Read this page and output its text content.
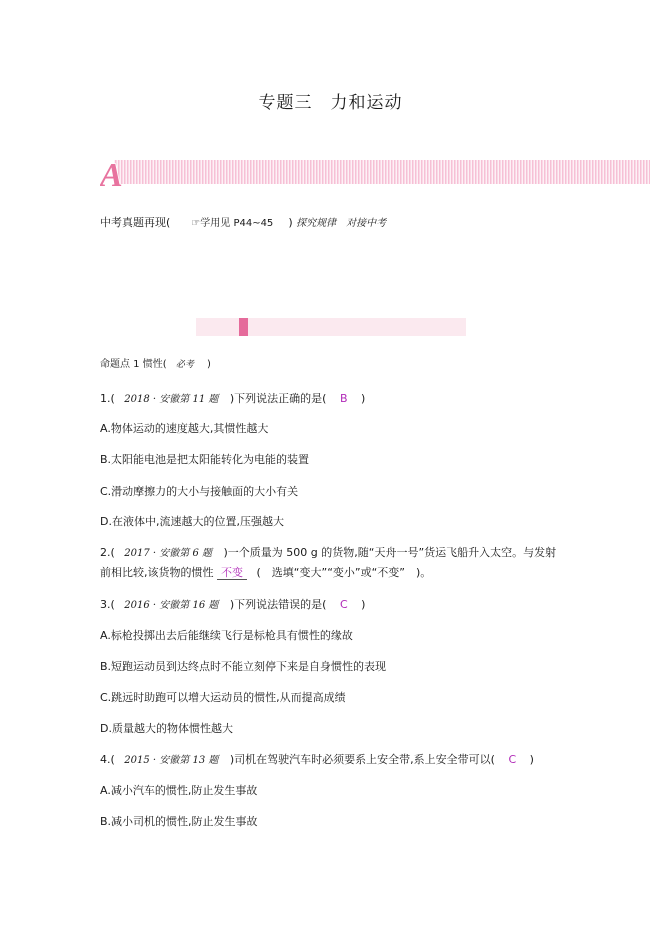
专题三　力和运动
A
中考真题再现( ☞学用见 P44~45 ) 探究规律　对接中考
命题点 1 惯性( 必考 )
1.( 2018 · 安徽第 11 题 )下列说法正确的是( B )
A.物体运动的速度越大,其惯性越大
B.太阳能电池是把太阳能转化为电能的装置
C.滑动摩擦力的大小与接触面的大小有关
D.在液体中,流速越大的位置,压强越大
2.( 2017 · 安徽第 6 题 )一个质量为 500 g 的货物,随“天舟一号”货运飞船升入太空。与发射
前相比较,该货物的惯性 不变 (　选填“变大”“变小”或“不变”　)。
3.( 2016 · 安徽第 16 题 )下列说法错误的是( C )
A.标枪投掷出去后能继续飞行是标枪具有惯性的缘故
B.短跑运动员到达终点时不能立刻停下来是自身惯性的表现
C.跳远时助跑可以增大运动员的惯性,从而提高成绩
D.质量越大的物体惯性越大
4.( 2015 · 安徽第 13 题 )司机在驾驶汽车时必须要系上安全带,系上安全带可以( C )
A.减小汽车的惯性,防止发生事故
B.减小司机的惯性,防止发生事故
